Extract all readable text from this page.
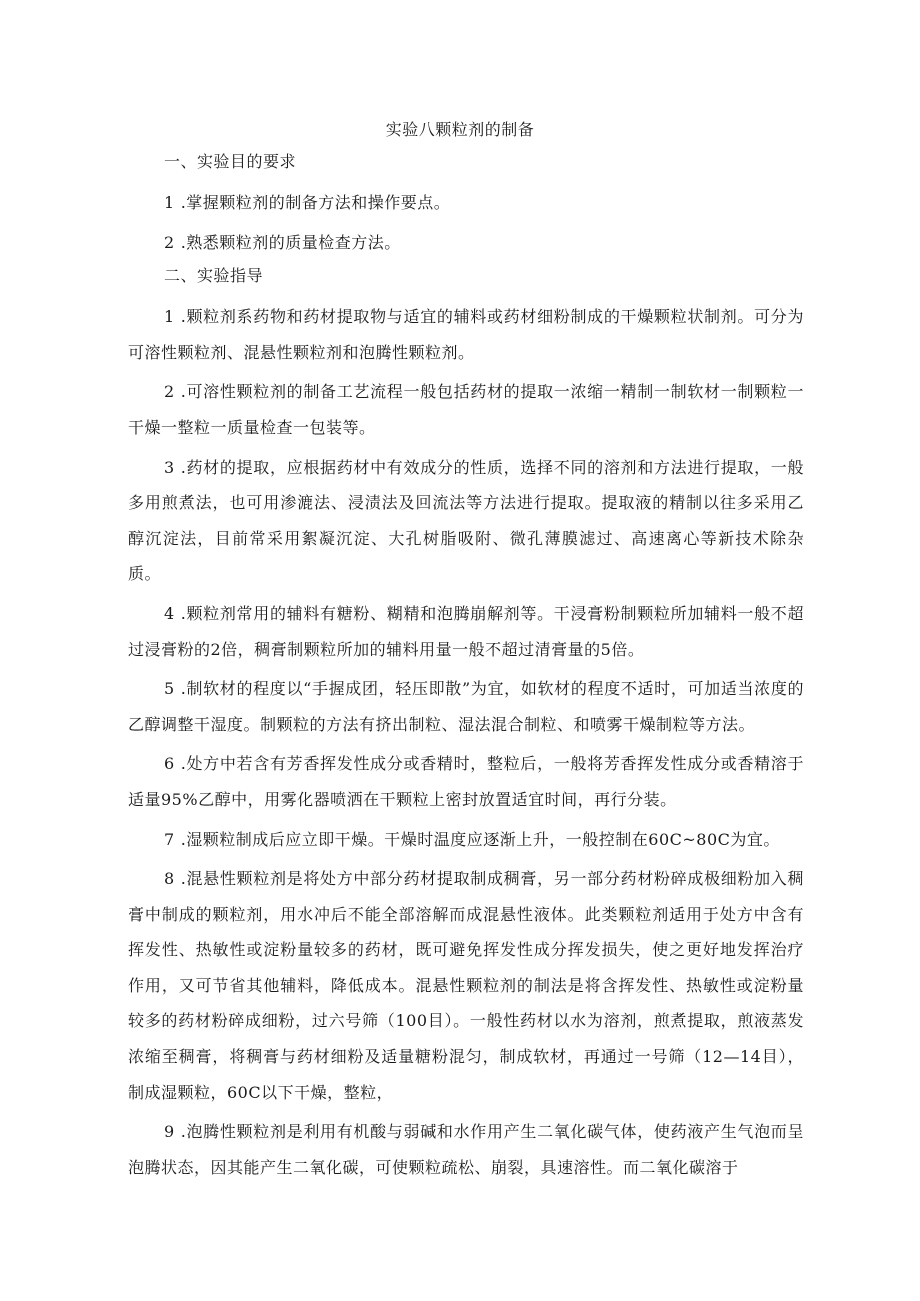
实验八颗粒剂的制备
一、实验目的要求
1 .掌握颗粒剂的制备方法和操作要点。
2 .熟悉颗粒剂的质量检查方法。
二、实验指导
1 .颗粒剂系药物和药材提取物与适宜的辅料或药材细粉制成的干燥颗粒状制剂。可分为可溶性颗粒剂、混悬性颗粒剂和泡腾性颗粒剂。
2 .可溶性颗粒剂的制备工艺流程一般包括药材的提取一浓缩一精制一制软材一制颗粒一干燥一整粒一质量检查一包装等。
3 .药材的提取，应根据药材中有效成分的性质，选择不同的溶剂和方法进行提取，一般多用煎煮法，也可用渗漉法、浸渍法及回流法等方法进行提取。提取液的精制以往多采用乙醇沉淀法，目前常采用絮凝沉淀、大孔树脂吸附、微孔薄膜滤过、高速离心等新技术除杂质。
4 .颗粒剂常用的辅料有糖粉、糊精和泡腾崩解剂等。干浸膏粉制颗粒所加辅料一般不超过浸膏粉的2倍，稠膏制颗粒所加的辅料用量一般不超过清膏量的5倍。
5 .制软材的程度以“手握成团，轻压即散”为宜，如软材的程度不适时，可加适当浓度的乙醇调整干湿度。制颗粒的方法有挤出制粒、湿法混合制粒、和喷雾干燥制粒等方法。
6 .处方中若含有芳香挥发性成分或香精时，整粒后，一般将芳香挥发性成分或香精溶于适量95%乙醇中，用雾化器喷洒在干颗粒上密封放置适宜时间，再行分装。
7 .湿颗粒制成后应立即干燥。干燥时温度应逐渐上升，一般控制在60C~80C为宜。
8 .混悬性颗粒剂是将处方中部分药材提取制成稠膏，另一部分药材粉碎成极细粉加入稠膏中制成的颗粒剂，用水冲后不能全部溶解而成混悬性液体。此类颗粒剂适用于处方中含有挥发性、热敏性或淀粉量较多的药材，既可避免挥发性成分挥发损失，使之更好地发挥治疗作用，又可节省其他辅料，降低成本。混悬性颗粒剂的制法是将含挥发性、热敏性或淀粉量较多的药材粉碎成细粉，过六号筛（100目）。一般性药材以水为溶剂，煎煮提取，煎液蒸发浓缩至稠膏，将稠膏与药材细粉及适量糖粉混匀，制成软材，再通过一号筛（12—14目），制成湿颗粒，60C以下干燥，整粒，
9 .泡腾性颗粒剂是利用有机酸与弱碱和水作用产生二氧化碳气体，使药液产生气泡而呈泡腾状态，因其能产生二氧化碳，可使颗粒疏松、崩裂，具速溶性。而二氧化碳溶于
